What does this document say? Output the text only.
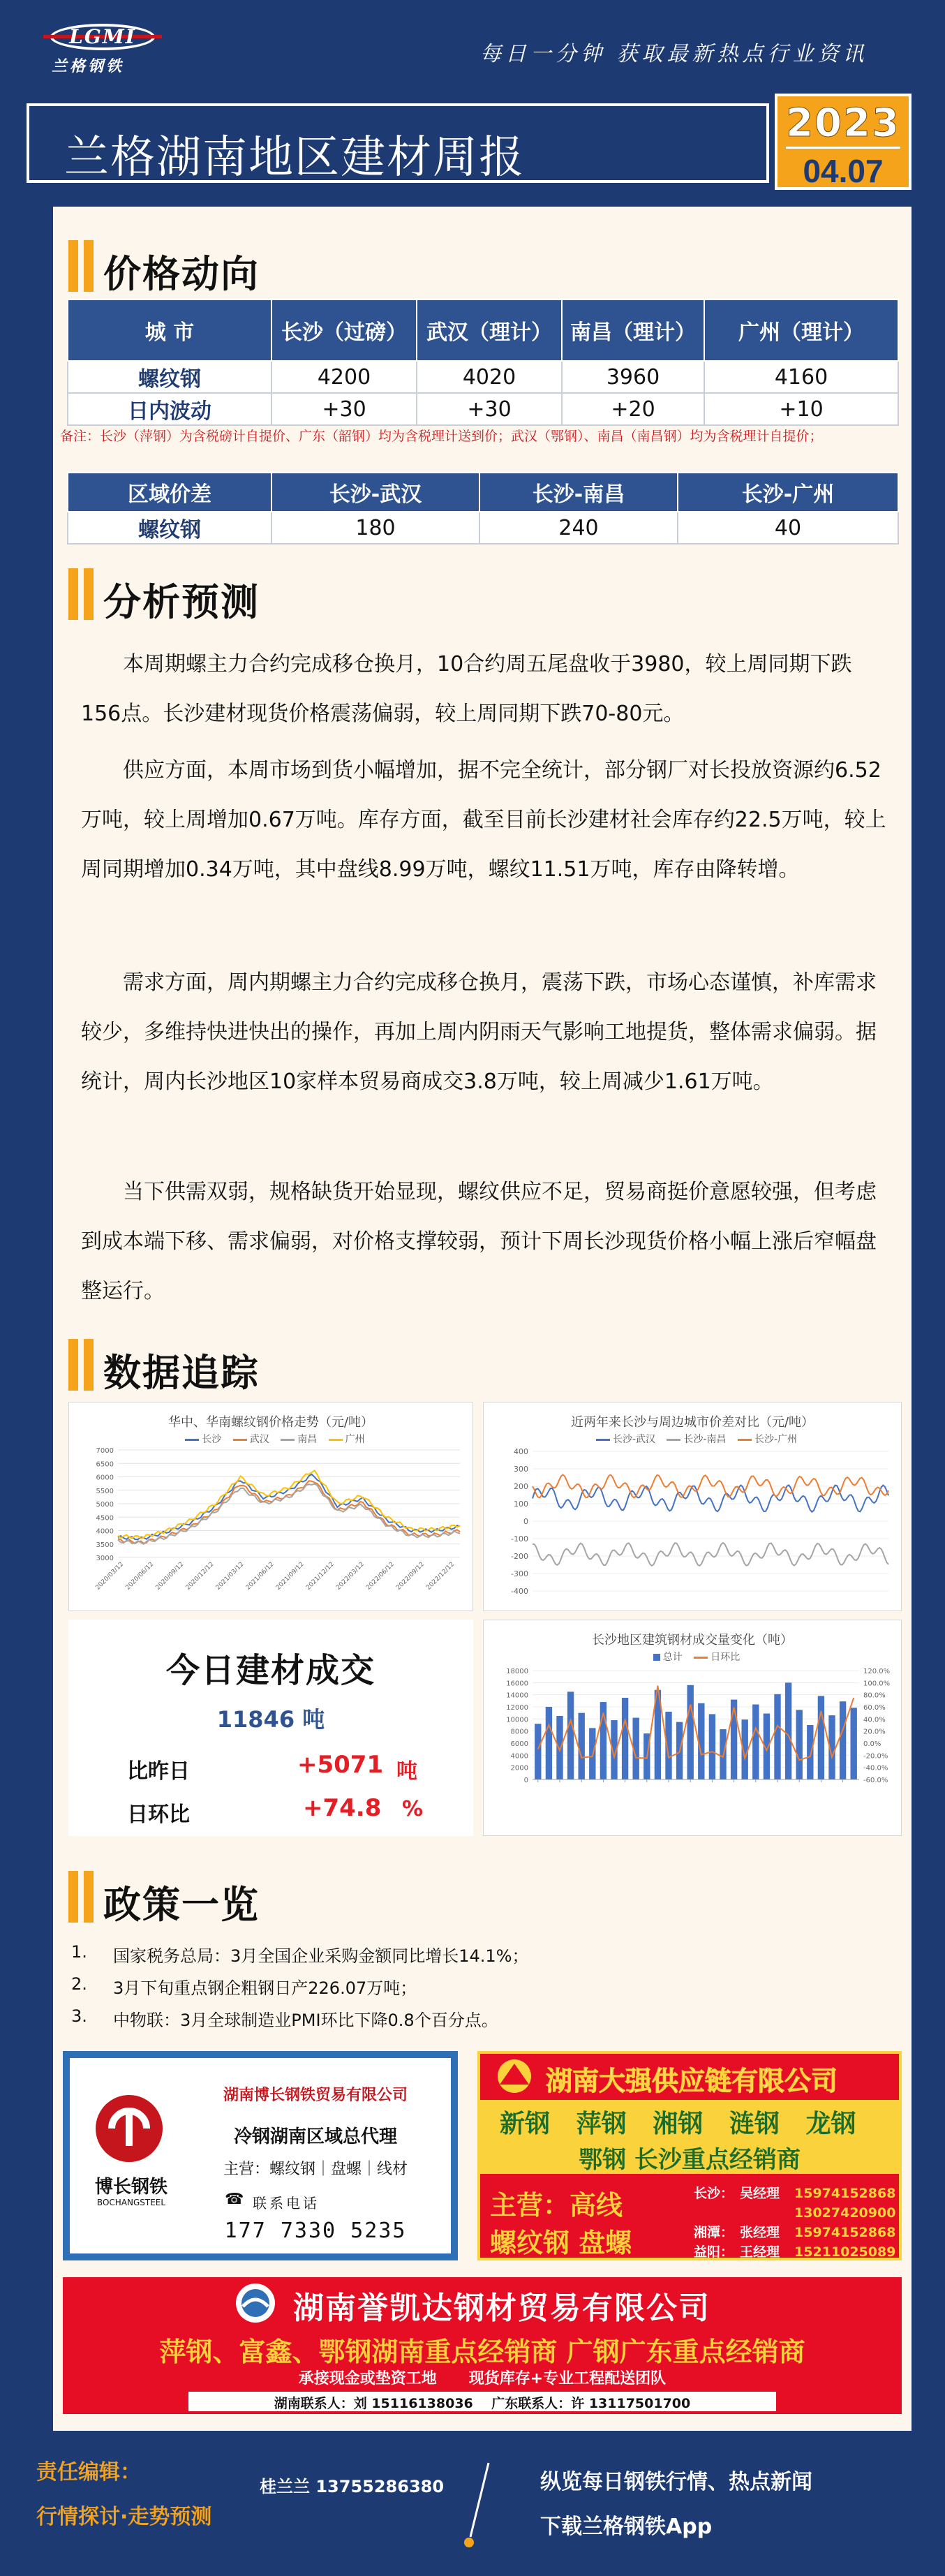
LGMI
兰格钢铁	每日一分钟 获取最新热点行业资讯
兰格湖南地区建材周报
2023
04.07
价格动向
城 市	长沙（过磅）	武汉（理计）	南昌（理计）	广州（理计）
螺纹钢	4200	4020	3960	4160
日内波动	+30	+30	+20	+10
备注：长沙（萍钢）为含税磅计自提价、广东（韶钢）均为含税理计送到价；武汉（鄂钢）、南昌（南昌钢）均为含税理计自提价；
区域价差	长沙-武汉	长沙-南昌	长沙-广州
螺纹钢	180	240	40
分析预测
本周期螺主力合约完成移仓换月，10合约周五尾盘收于3980，较上周同期下跌156点。长沙建材现货价格震荡偏弱，较上周同期下跌70-80元。
供应方面，本周市场到货小幅增加，据不完全统计，部分钢厂对长投放资源约6.52万吨，较上周增加0.67万吨。库存方面，截至目前长沙建材社会库存约22.5万吨，较上周同期增加0.34万吨，其中盘线8.99万吨，螺纹11.51万吨，库存由降转增。
需求方面，周内期螺主力合约完成移仓换月，震荡下跌，市场心态谨慎，补库需求较少，多维持快进快出的操作，再加上周内阴雨天气影响工地提货，整体需求偏弱。据统计，周内长沙地区10家样本贸易商成交3.8万吨，较上周减少1.61万吨。
当下供需双弱，规格缺货开始显现，螺纹供应不足，贸易商挺价意愿较强，但考虑到成本端下移、需求偏弱，对价格支撑较弱，预计下周长沙现货价格小幅上涨后窄幅盘整运行。
数据追踪
华中、华南螺纹钢价格走势（元/吨）
长沙	武汉	南昌	广州
7000
6500
6000
5500
5000
4500
4000
3500
3000
2020/03/12 2020/06/12 2020/09/12 2020/12/12 2021/03/12 2021/06/12 2021/09/12 2021/12/12 2022/03/12 2022/06/12 2022/09/12 2022/12/12
近两年来长沙与周边城市价差对比（元/吨）
长沙-武汉	长沙-南昌	长沙-广州
400
300
200
100
0
-100
-200
-300
-400
今日建材成交
11846 吨
比昨日	+5071 吨
日环比	+74.8 %
长沙地区建筑钢材成交量变化（吨）
总计	日环比
18000
16000
14000
12000
10000
8000
6000
4000
2000
0
120.0%
100.0%
80.0%
60.0%
40.0%
20.0%
0.0%
-20.0%
-40.0%
-60.0%
政策一览
1. 国家税务总局：3月全国企业采购金额同比增长14.1%；
2. 3月下旬重点钢企粗钢日产226.07万吨；
3. 中物联：3月全球制造业PMI环比下降0.8个百分点。
博长钢铁
BOCHANGSTEEL
湖南博长钢铁贸易有限公司
冷钢湖南区域总代理
主营：螺纹钢｜盘螺｜线材
☎ 联系电话
177 7330 5235
湖南大强供应链有限公司
新钢 萍钢 湘钢 涟钢 龙钢
鄂钢 长沙重点经销商
主营：高线
螺纹钢 盘螺
长沙： 吴经理 15974152868
13027420900
湘潭： 张经理 15974152868
益阳： 王经理 15211025089
湖南誉凯达钢材贸易有限公司
萍钢、富鑫、鄂钢湖南重点经销商 广钢广东重点经销商
承接现金或垫资工地      现货库存+专业工程配送团队
湖南联系人：刘 15116138036    广东联系人：许 13117501700
责任编辑：
行情探讨·走势预测
桂兰兰 13755286380	纵览每日钢铁行情、热点新闻
下载兰格钢铁App
